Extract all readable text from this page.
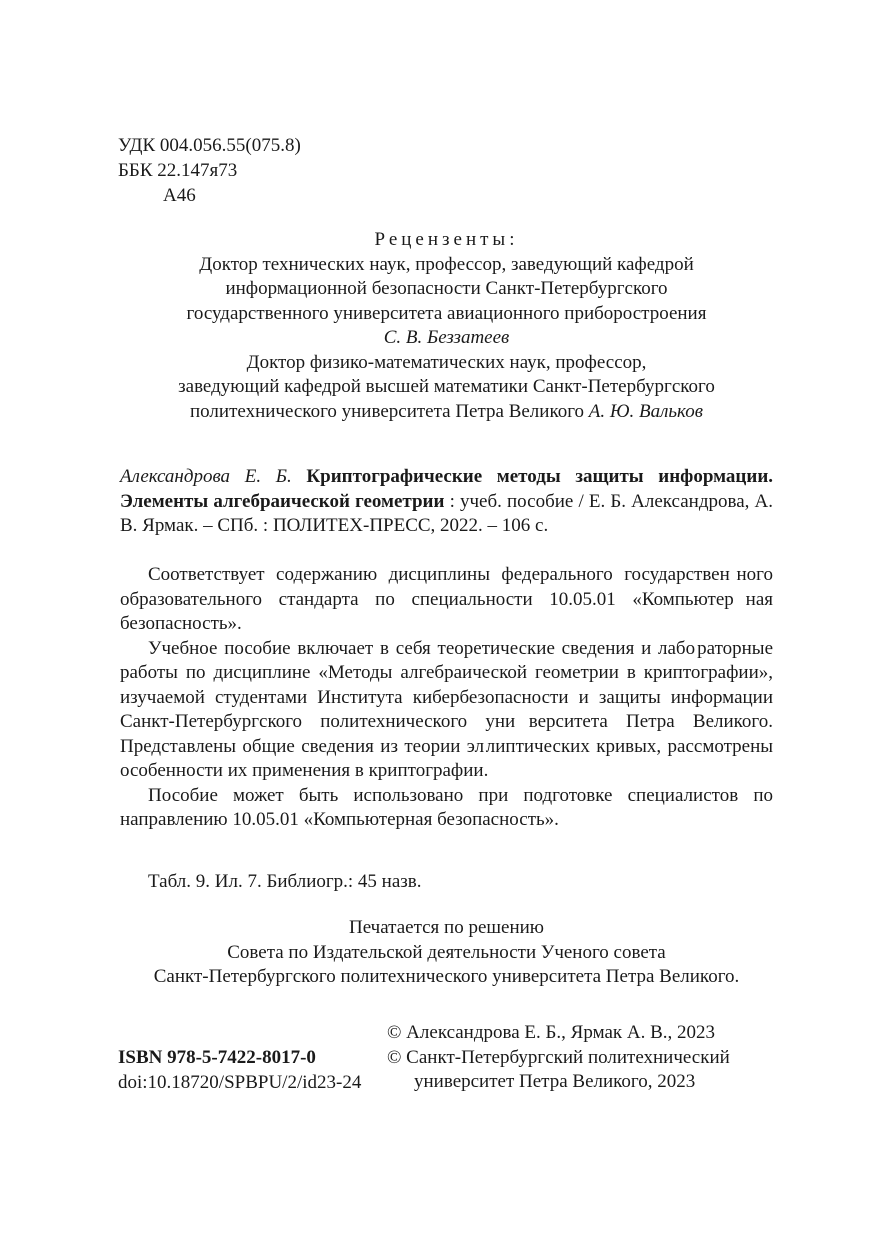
УДК 004.056.55(075.8)
ББК 22.147я73
А46
Рецензенты:
Доктор технических наук, профессор, заведующий кафедрой
информационной безопасности Санкт-Петербургского
государственного университета авиационного приборостроения
С. В. Беззатеев
Доктор физико-математических наук, профессор,
заведующий кафедрой высшей математики Санкт-Петербургского
политехнического университета Петра Великого А. Ю. Вальков
Александрова Е. Б. Криптографические методы защиты информации. Элементы алгебраической геометрии : учеб. пособие / Е. Б. Александрова, А. В. Ярмак. – СПб. : ПОЛИТЕХ-ПРЕСС, 2022. – 106 с.

Соответствует содержанию дисциплины федерального государствен ного образовательного стандарта по специальности 10.05.01 «Компьютер ная безопасность».

Учебное пособие включает в себя теоретические сведения и лабо раторные работы по дисциплине «Методы алгебраической геометрии в криптографии», изучаемой студентами Института кибербезопасности и защиты информации Санкт-Петербургского политехнического уни верситета Петра Великого. Представлены общие сведения из теории эл липтических кривых, рассмотрены особенности их применения в крип тографии.

Пособие может быть использовано при подготовке специалистов по направлению 10.05.01 «Компьютерная безопасность».

Табл. 9. Ил. 7. Библиогр.: 45 назв.
Печатается по решению
Совета по Издательской деятельности Ученого совета
Санкт-Петербургского политехнического университета Петра Великого.
© Александрова Е. Б., Ярмак А. В., 2023
© Санкт-Петербургский политехнический
университет Петра Великого, 2023
ISBN 978-5-7422-8017-0
doi:10.18720/SPBPU/2/id23-24
